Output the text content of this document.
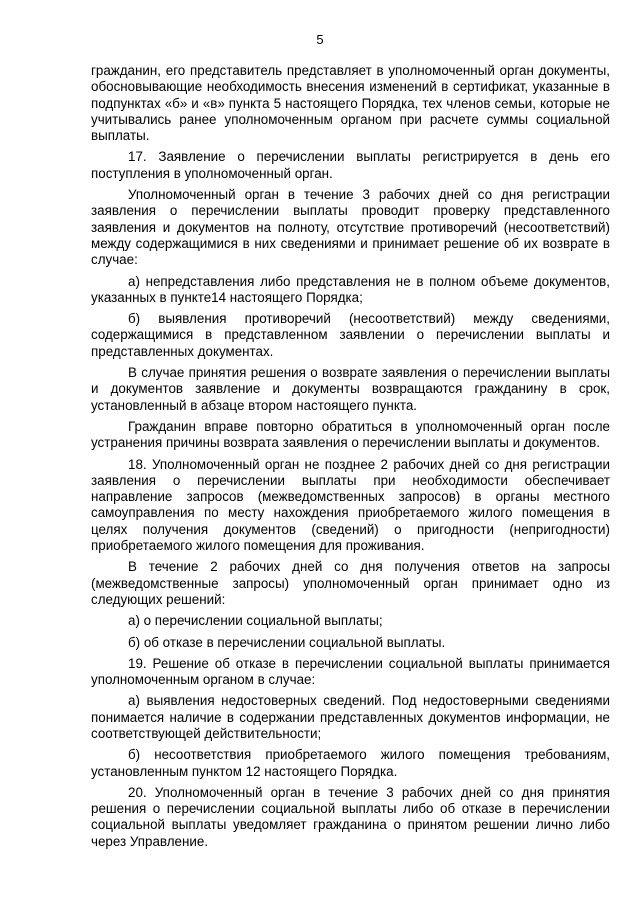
5

гражданин, его представитель представляет в уполномоченный орган документы, обосновывающие необходимость внесения изменений в сертификат, указанные в подпунктах «б» и «в» пункта 5 настоящего Порядка, тех членов семьи, которые не учитывались ранее уполномоченным органом при расчете суммы социальной выплаты.

17. Заявление о перечислении выплаты регистрируется в день его поступления в уполномоченный орган.

Уполномоченный орган в течение 3 рабочих дней со дня регистрации заявления о перечислении выплаты проводит проверку представленного заявления и документов на полноту, отсутствие противоречий (несоответствий) между содержащимися в них сведениями и принимает решение об их возврате в случае:

а) непредставления либо представления не в полном объеме документов, указанных в пункте14 настоящего Порядка;

б) выявления противоречий (несоответствий) между сведениями, содержащимися в представленном заявлении о перечислении выплаты и представленных документах.

В случае принятия решения о возврате заявления о перечислении выплаты и документов заявление и документы возвращаются гражданину в срок, установленный в абзаце втором настоящего пункта.

Гражданин вправе повторно обратиться в уполномоченный орган после устранения причины возврата заявления о перечислении выплаты и документов.

18. Уполномоченный орган не позднее 2 рабочих дней со дня регистрации заявления о перечислении выплаты при необходимости обеспечивает направление запросов (межведомственных запросов) в органы местного самоуправления по месту нахождения приобретаемого жилого помещения в целях получения документов (сведений) о пригодности (непригодности) приобретаемого жилого помещения для проживания.

В течение 2 рабочих дней со дня получения ответов на запросы (межведомственные запросы) уполномоченный орган принимает одно из следующих решений:

а) о перечислении социальной выплаты;

б) об отказе в перечислении социальной выплаты.

19. Решение об отказе в перечислении социальной выплаты принимается уполномоченным органом в случае:

а) выявления недостоверных сведений. Под недостоверными сведениями понимается наличие в содержании представленных документов информации, не соответствующей действительности;

б) несоответствия приобретаемого жилого помещения требованиям, установленным пунктом 12 настоящего Порядка.

20. Уполномоченный орган в течение 3 рабочих дней со дня принятия решения о перечислении социальной выплаты либо об отказе в перечислении социальной выплаты уведомляет гражданина о принятом решении лично либо через Управление.
